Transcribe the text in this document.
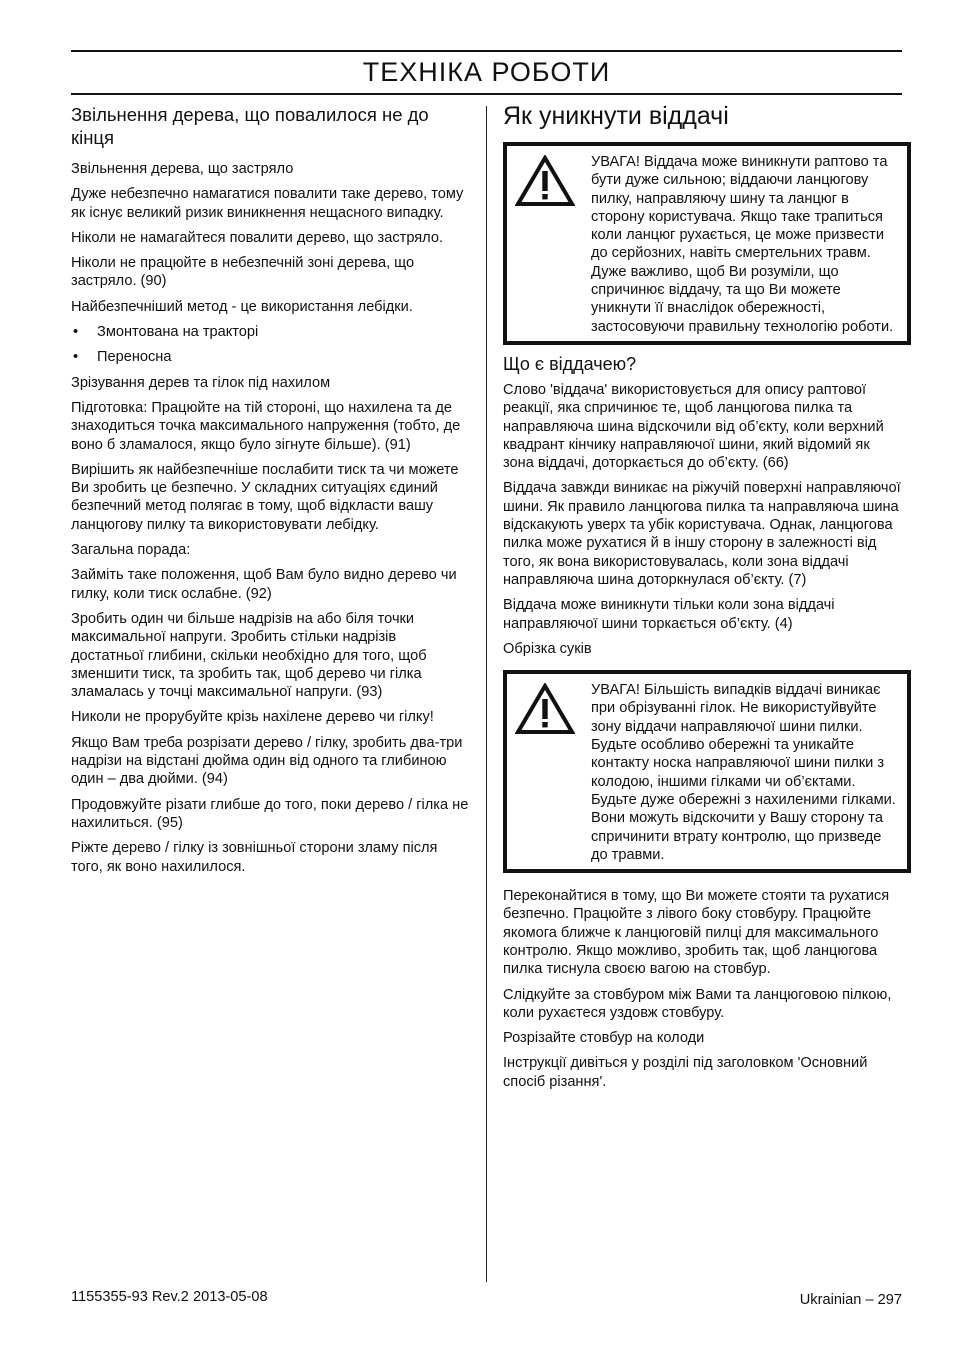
ТЕХНІКА РОБОТИ
Звільнення дерева, що повалилося не до кінця

Звільнення дерева, що застряло

Дуже небезпечно намагатися повалити таке дерево, тому як існує великий ризик виникнення нещасного випадку.

Ніколи не намагайтеся повалити дерево, що застряло.

Ніколи не працюйте в небезпечній зоні дерева, що застряло. (90)

Найбезпечніший метод - це використання лебідки.

• Змонтована на тракторі
• Переносна

Зрізування дерев та гілок під нахилом

Підготовка: Працюйте на тій стороні, що нахилена та де знаходиться точка максимального напруження (тобто, де воно б зламалося, якщо було зігнуте більше). (91)

Вирішить як найбезпечніше послабити тиск та чи можете Ви зробить це безпечно. У складних ситуаціях єдиний безпечний метод полягає в тому, щоб відкласти вашу ланцюгову пилку та використовувати лебідку.

Загальна порада:

Займіть таке положення, щоб Вам було видно дерево чи гилку, коли тиск ослабне. (92)

Зробить один чи більше надрізів на або біля точки максимальної напруги. Зробить стільки надрізів достатньої глибини, скільки необхідно для того, щоб зменшити тиск, та зробить так, щоб дерево чи гілка зламалась у точці максимальної напруги. (93)

Николи не прорубуйте крізь нахілене дерево чи гілку!

Якщо Вам треба розрізати дерево / гілку, зробить два-три надрізи на відстані дюйма один від одного та глибиною один – два дюйми. (94)

Продовжуйте різати глибше до того, поки дерево / гілка не нахилиться. (95)

Ріжте дерево / гілку із зовнішньої сторони зламу після того, як воно нахилилося.

Як уникнути віддачі
УВАГА! Віддача може виникнути раптово та бути дуже сильною; віддаючи ланцюгову пилку, направляючу шину та ланцюг в сторону користувача. Якщо таке трапиться коли ланцюг рухається, це може призвести до серйозних, навіть смертельних травм. Дуже важливо, щоб Ви розуміли, що спричинює віддачу, та що Ви можете уникнути її внаслідок обережності, застосовуючи правильну технологію роботи.
Що є віддачею?

Слово 'віддача' використовується для опису раптової реакції, яка спричинює те, щоб ланцюгова пилка та направляюча шина відскочили від об’єкту, коли верхний квадрант кінчику направляючої шини, який відомий як зона віддачі, доторкається до об’єкту. (66)

Віддача завжди виникає на ріжучій поверхні направляючої шини. Як правило ланцюгова пилка та направляюча шина відскакують уверх та убік користувача. Однак, ланцюгова пилка може рухатися й в іншу сторону в залежності від того, як вона використовувалась, коли зона віддачі направляюча шина доторкнулася об’єкту. (7)

Віддача може виникнути тільки коли зона віддачі направляючої шини торкається об’єкту. (4)

Обрізка суків

УВАГА! Більшість випадків віддачі виникає при обрізуванні гілок. Не використуйвуйте зону віддачи направляючої шини пилки. Будьте особливо обережні та уникайте контакту носка направляючої шини пилки з колодою, іншими гілками чи об’єктами. Будьте дуже обережні з нахиленими гілками. Вони можуть відскочити у Вашу сторону та спричинити втрату контролю, що призведе до травми.

Переконайтися в тому, що Ви можете стояти та рухатися безпечно. Працюйте з лівого боку стовбуру. Працюйте якомога ближче к ланцюговій пилці для максимального контролю. Якщо можливо, зробить так, щоб ланцюгова пилка тиснула своєю вагою на стовбур.

Слідкуйте за стовбуром між Вами та ланцюговою пілкою, коли рухаєтеся уздовж стовбуру.

Розрізайте стовбур на колоди

Інструкції дивіться у розділі під заголовком 'Основний спосіб різання'.

1155355-93 Rev.2 2013-05-08	Ukrainian – 297
